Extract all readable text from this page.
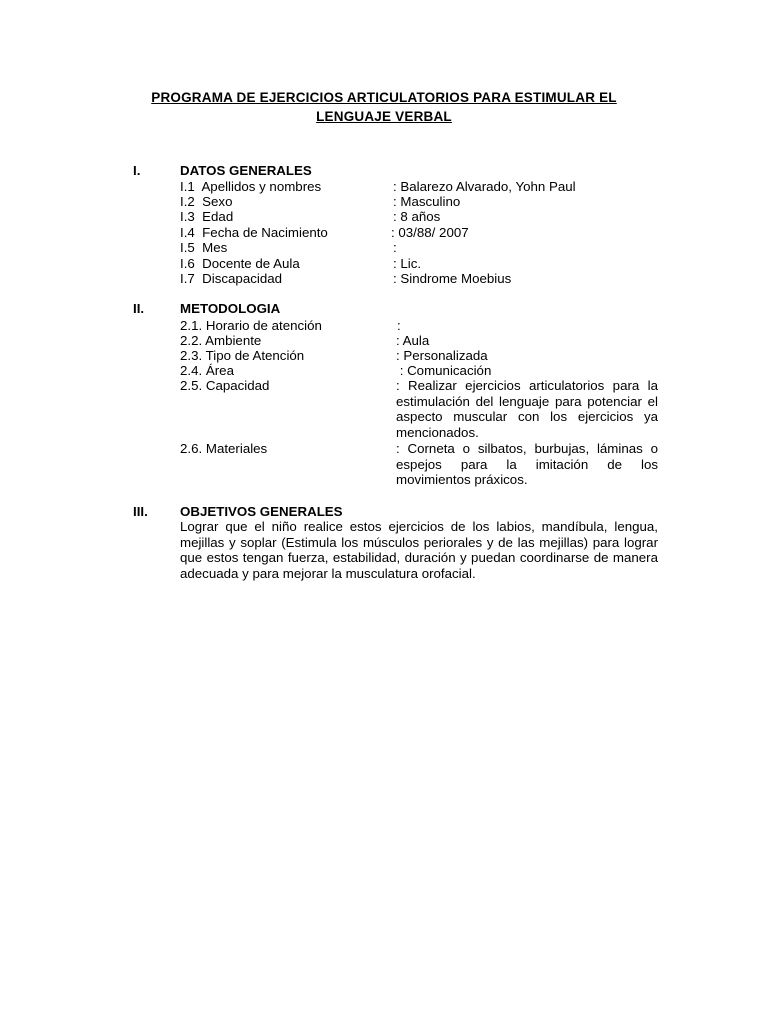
PROGRAMA DE EJERCICIOS ARTICULATORIOS PARA ESTIMULAR EL
LENGUAJE VERBAL
I.	DATOS GENERALES
I.1  Apellidos y nombres	: Balarezo Alvarado, Yohn Paul
I.2  Sexo	: Masculino
I.3  Edad	: 8 años
I.4  Fecha de Nacimiento	: 03/88/ 2007
I.5  Mes	:
I.6  Docente de Aula	: Lic.
I.7  Discapacidad	: Sindrome Moebius
II.	METODOLOGIA
2.1. Horario de atención	:
2.2. Ambiente	: Aula
2.3. Tipo de Atención	: Personalizada
2.4. Área	: Comunicación
2.5. Capacidad	: Realizar ejercicios articulatorios para la estimulación del lenguaje para potenciar el aspecto muscular con los ejercicios ya mencionados.
2.6. Materiales	: Corneta o silbatos, burbujas, láminas o espejos para la imitación de los movimientos práxicos.
III. OBJETIVOS GENERALES
Lograr que el niño realice estos ejercicios de los labios, mandíbula, lengua, mejillas y soplar (Estimula los músculos periorales y de las mejillas) para lograr que estos tengan fuerza, estabilidad, duración y puedan coordinarse de manera adecuada y para mejorar la musculatura orofacial.
